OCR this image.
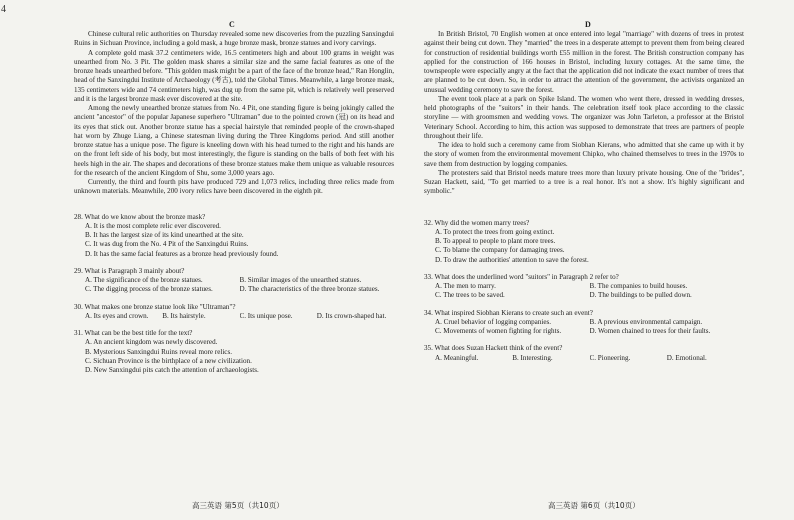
4
C	D

Chinese cultural relic authorities on Thursday revealed some new discoveries from the puzzling Sanxingdui Ruins in Sichuan Province, including a gold mask, a huge bronze mask, bronze statues and ivory carvings.

A complete gold mask 37.2 centimeters wide, 16.5 centimeters high and about 100 grams in weight was unearthed from No. 3 Pit. The golden mask shares a similar size and the same facial features as one of the bronze heads unearthed before. "This golden mask might be a part of the face of the bronze head," Ran Honglin, head of the Sanxingdui Institute of Archaeology (考古), told the Global Times. Meanwhile, a large bronze mask, 135 centimeters wide and 74 centimeters high, was dug up from the same pit, which is relatively well preserved and it is the largest bronze mask ever discovered at the site.

Among the newly unearthed bronze statues from No. 4 Pit, one standing figure is being jokingly called the ancient "ancestor" of the popular Japanese superhero "Ultraman" due to the pointed crown (冠) on its head and its eyes that stick out. Another bronze statue has a special hairstyle that reminded people of the crown-shaped hat worn by Zhuge Liang, a Chinese statesman living during the Three Kingdoms period. And still another bronze statue has a unique pose. The figure is kneeling down with his head turned to the right and his hands are on the front left side of his body, but most interestingly, the figure is standing on the balls of both feet with his heels high in the air. The shapes and decorations of these bronze statues make them unique as valuable resources for the research of the ancient Kingdom of Shu, some 3,000 years ago.

Currently, the third and fourth pits have produced 729 and 1,073 relics, including three relics made from unknown materials. Meanwhile, 200 ivory relics have been discovered in the eighth pit.

28. What do we know about the bronze mask?

A. It is the most complete relic ever discovered.
B. It has the largest size of its kind unearthed at the site.
C. It was dug from the No. 4 Pit of the Sanxingdui Ruins.
D. It has the same facial features as a bronze head previously found.

29. What is Paragraph 3 mainly about?

A. The significance of the bronze statues.	B. Similar images of the unearthed statues.
C. The digging process of the bronze statues.	D. The characteristics of the three bronze statues.

30. What makes one bronze statue look like "Ultraman"?

A. Its eyes and crown.	B. Its hairstyle.	C. Its unique pose.	D. Its crown-shaped hat.

31. What can be the best title for the text?

A. An ancient kingdom was newly discovered.
B. Mysterious Sanxingdui Ruins reveal more relics.
C. Sichuan Province is the birthplace of a new civilization.
D. New Sanxingdui pits catch the attention of archaeologists.

In British Bristol, 70 English women at once entered into legal "marriage" with dozens of trees in protest against their being cut down. They "married" the trees in a desperate attempt to prevent them from being cleared for construction of residential buildings worth £55 million in the forest. The British construction company has applied for the construction of 166 houses in Bristol, including luxury cottages. At the same time, the townspeople were especially angry at the fact that the application did not indicate the exact number of trees that are planned to be cut down. So, in order to attract the attention of the government, the activists organized an unusual wedding ceremony to save the forest.

The event took place at a park on Spike Island. The women who went there, dressed in wedding dresses, held photographs of the "suitors" in their hands. The celebration itself took place according to the classic storyline — with groomsmen and wedding vows. The organizer was John Tarleton, a professor at the Bristol Veterinary School. According to him, this action was supposed to demonstrate that trees are partners of people throughout their life.

The idea to hold such a ceremony came from Siobhan Kierans, who admitted that she came up with it by the story of women from the environmental movement Chipko, who chained themselves to trees in the 1970s to save them from destruction by logging companies.

The protesters said that Bristol needs mature trees more than luxury private housing. One of the "brides", Suzan Hackett, said, "To get married to a tree is a real honor. It's not a show. It's highly significant and symbolic."

32. Why did the women marry trees?

A. To protect the trees from going extinct.
B. To appeal to people to plant more trees.
C. To blame the company for damaging trees.
D. To draw the authorities' attention to save the forest.

33. What does the underlined word "suitors" in Paragraph 2 refer to?

A. The men to marry.	B. The companies to build houses.
C. The trees to be saved.	D. The buildings to be pulled down.

34. What inspired Siobhan Kierans to create such an event?

A. Cruel behavior of logging companies.	B. A previous environmental campaign.
C. Movements of women fighting for rights.	D. Women chained to trees for their faults.

35. What does Suzan Hackett think of the event?

A. Meaningful.	B. Interesting.	C. Pioneering.	D. Emotional.
高三英语 第5页（共10页）	高三英语 第6页（共10页）
